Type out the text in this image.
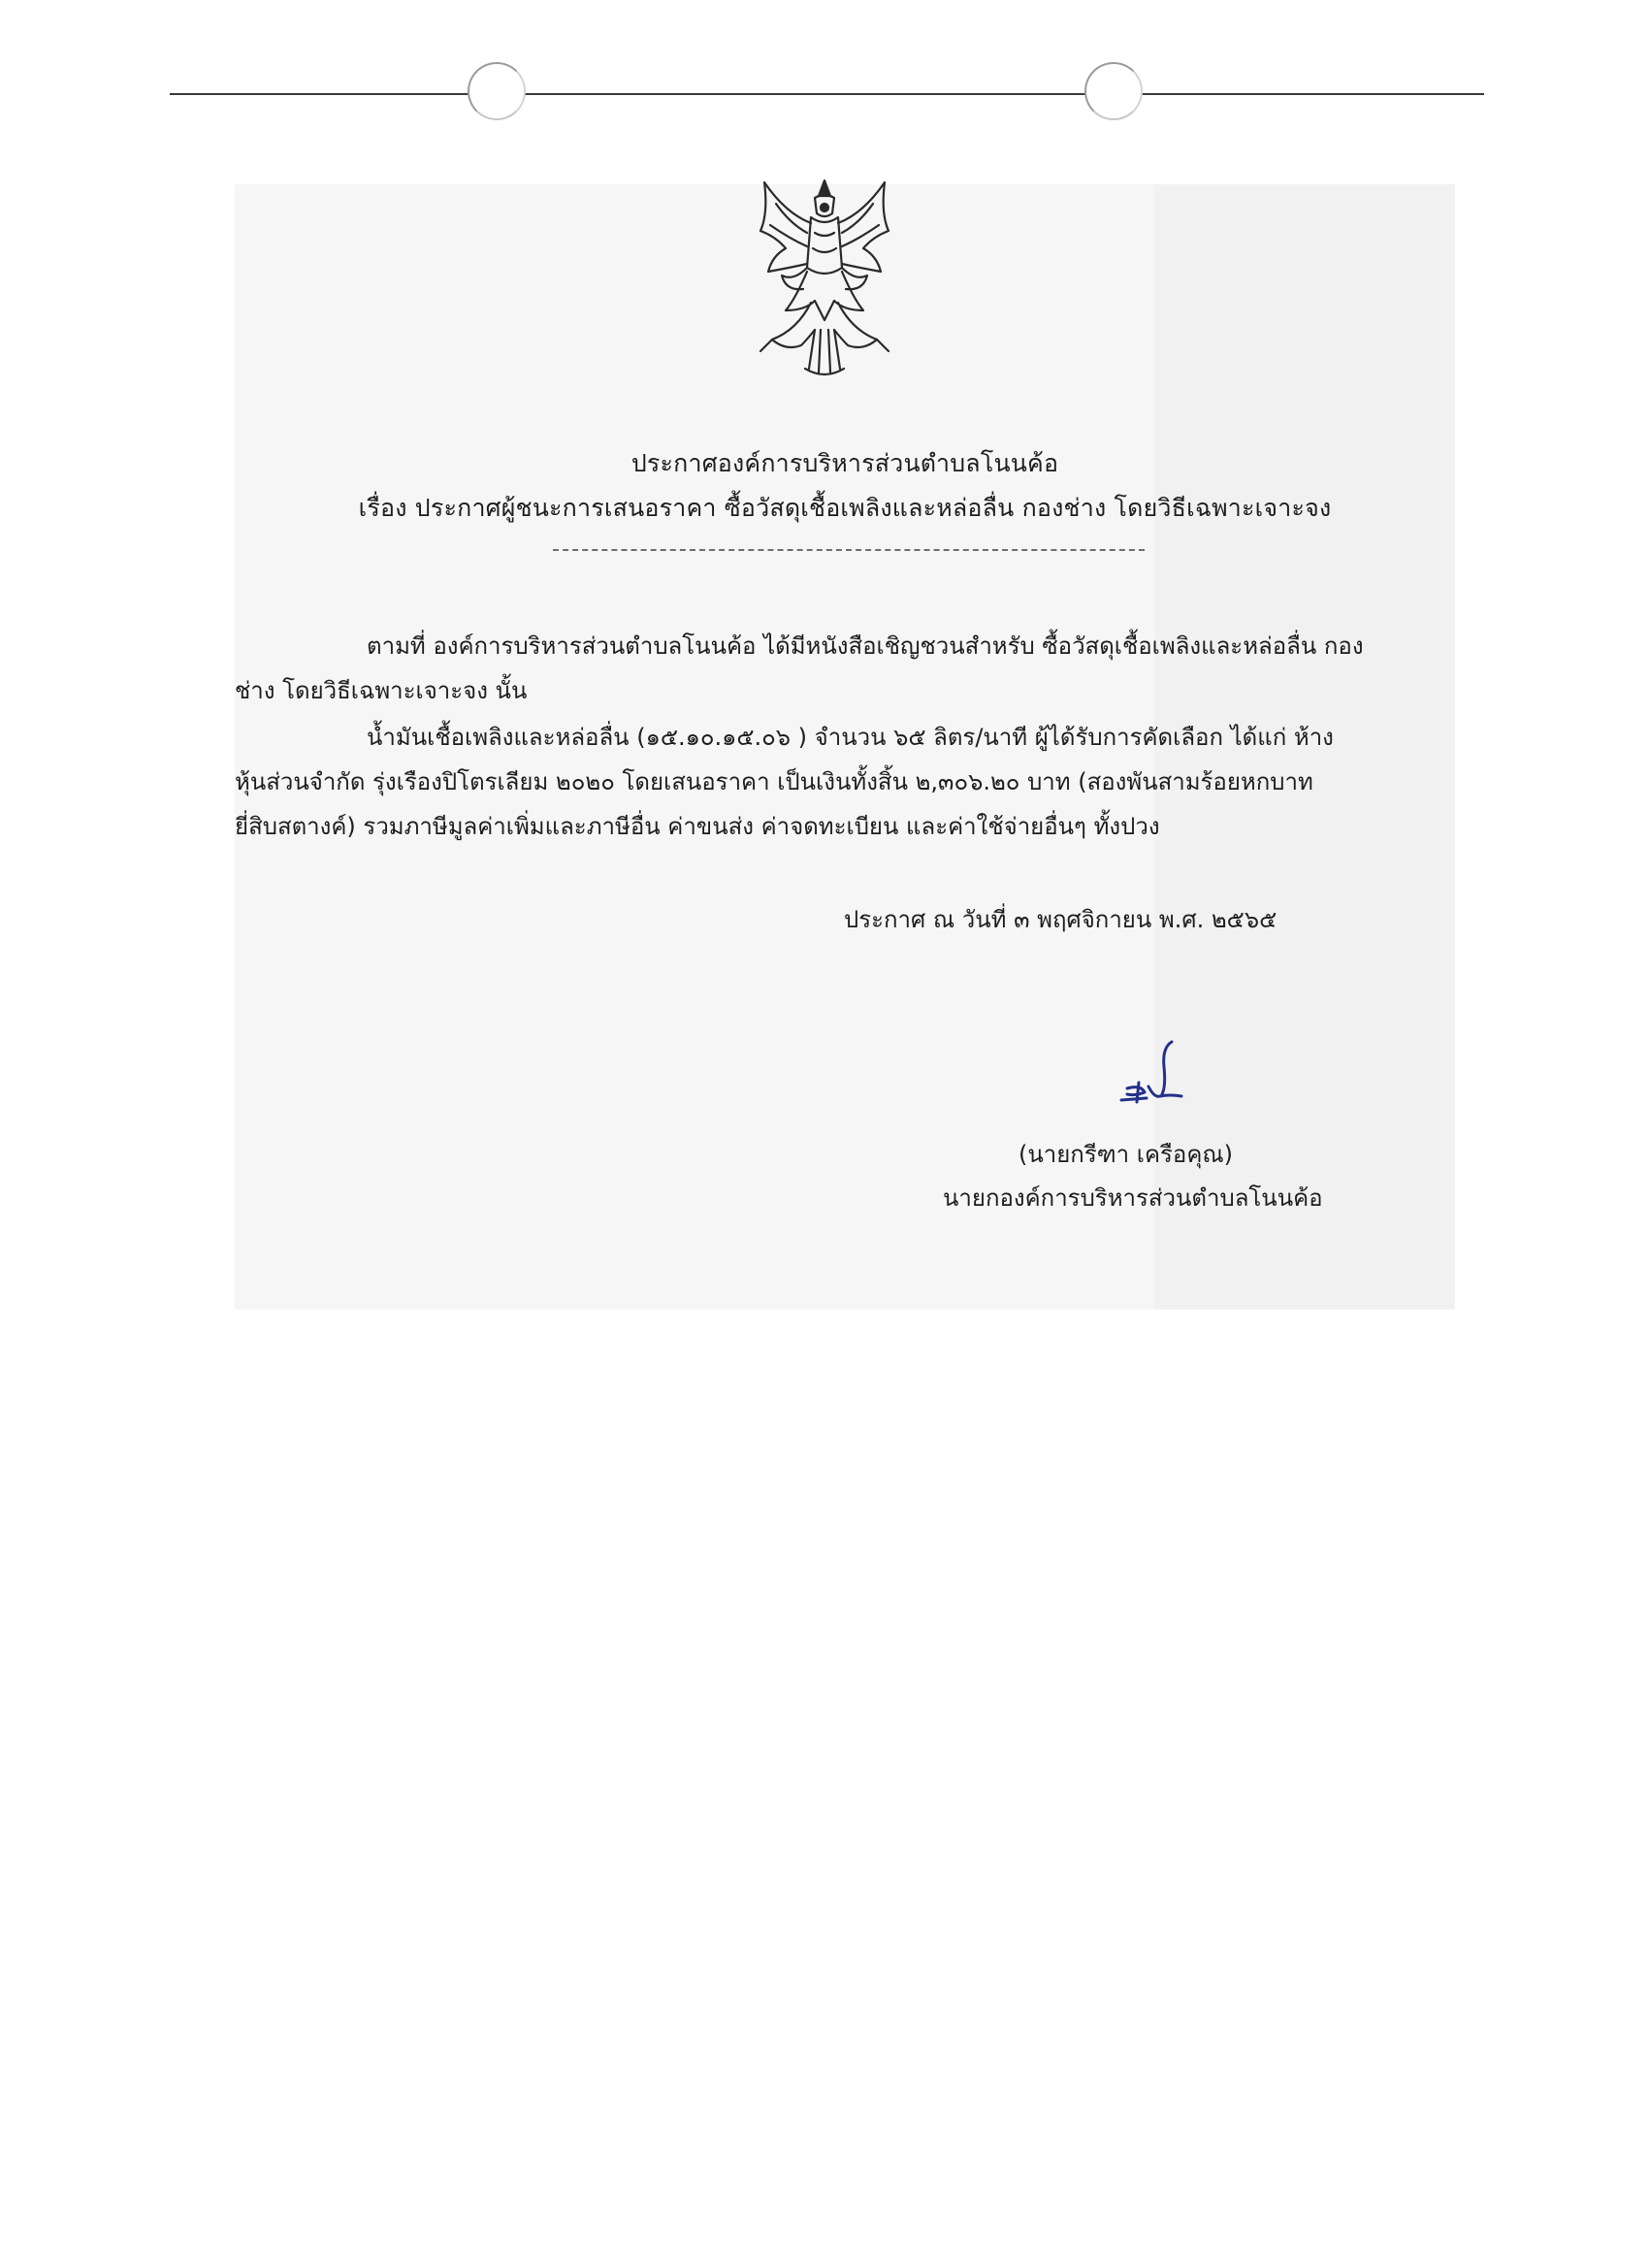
ประกาศองค์การบริหารส่วนตำบลโนนค้อ
เรื่อง ประกาศผู้ชนะการเสนอราคา ซื้อวัสดุเชื้อเพลิงและหล่อลื่น กองช่าง โดยวิธีเฉพาะเจาะจง
ตามที่ องค์การบริหารส่วนตำบลโนนค้อ ได้มีหนังสือเชิญชวนสำหรับ ซื้อวัสดุเชื้อเพลิงและหล่อลื่น กอง
ช่าง โดยวิธีเฉพาะเจาะจง นั้น
น้ำมันเชื้อเพลิงและหล่อลื่น (๑๕.๑๐.๑๕.๐๖ ) จำนวน ๖๕ ลิตร/นาที ผู้ได้รับการคัดเลือก ได้แก่ ห้าง
หุ้นส่วนจำกัด รุ่งเรืองปิโตรเลียม ๒๐๒๐ โดยเสนอราคา เป็นเงินทั้งสิ้น ๒,๓๐๖.๒๐ บาท (สองพันสามร้อยหกบาท
ยี่สิบสตางค์) รวมภาษีมูลค่าเพิ่มและภาษีอื่น ค่าขนส่ง ค่าจดทะเบียน และค่าใช้จ่ายอื่นๆ ทั้งปวง
ประกาศ ณ วันที่ ๓ พฤศจิกายน พ.ศ. ๒๕๖๕
(นายกรีฑา เครือคุณ)
นายกองค์การบริหารส่วนตำบลโนนค้อ
